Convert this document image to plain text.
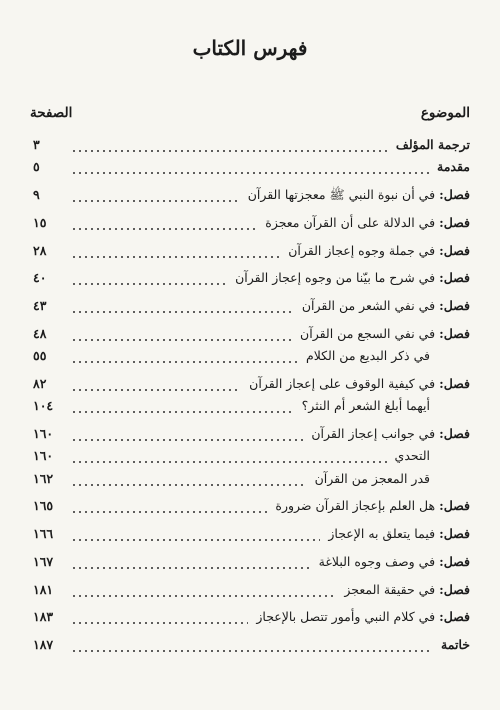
فهرس الكتاب
الموضوع
الصفحة
ترجمة المؤلف
٣
مقدمة
٥
فصل
:
في أن نبوة النبي ﷺ معجزتها القرآن
٩
فصل
:
في الدلالة على أن القرآن معجزة
١٥
فصل
:
في جملة وجوه إعجاز القرآن
٢٨
فصل
:
في شرح ما بيّنا من وجوه إعجاز القرآن
٤٠
فصل
:
في نفي الشعر من القرآن
٤٣
فصل
:
في نفي السجع من القرآن
٤٨
في ذكر البديع من الكلام
٥٥
فصل
:
في كيفية الوقوف على إعجاز القرآن
٨٢
أيهما أبلغ الشعر أم النثر؟
١٠٤
فصل
:
في جوانب إعجاز القرآن
١٦٠
التحدي
١٦٠
قدر المعجز من القرآن
١٦٢
فصل
:
هل العلم بإعجاز القرآن ضرورة
١٦٥
فصل
:
فيما يتعلق به الإعجاز
١٦٦
فصل
:
في وصف وجوه البلاغة
١٦٧
فصل
:
في حقيقة المعجز
١٨١
فصل
:
في كلام النبي وأمور تتصل بالإعجاز
١٨٣
خاتمة
١٨٧
